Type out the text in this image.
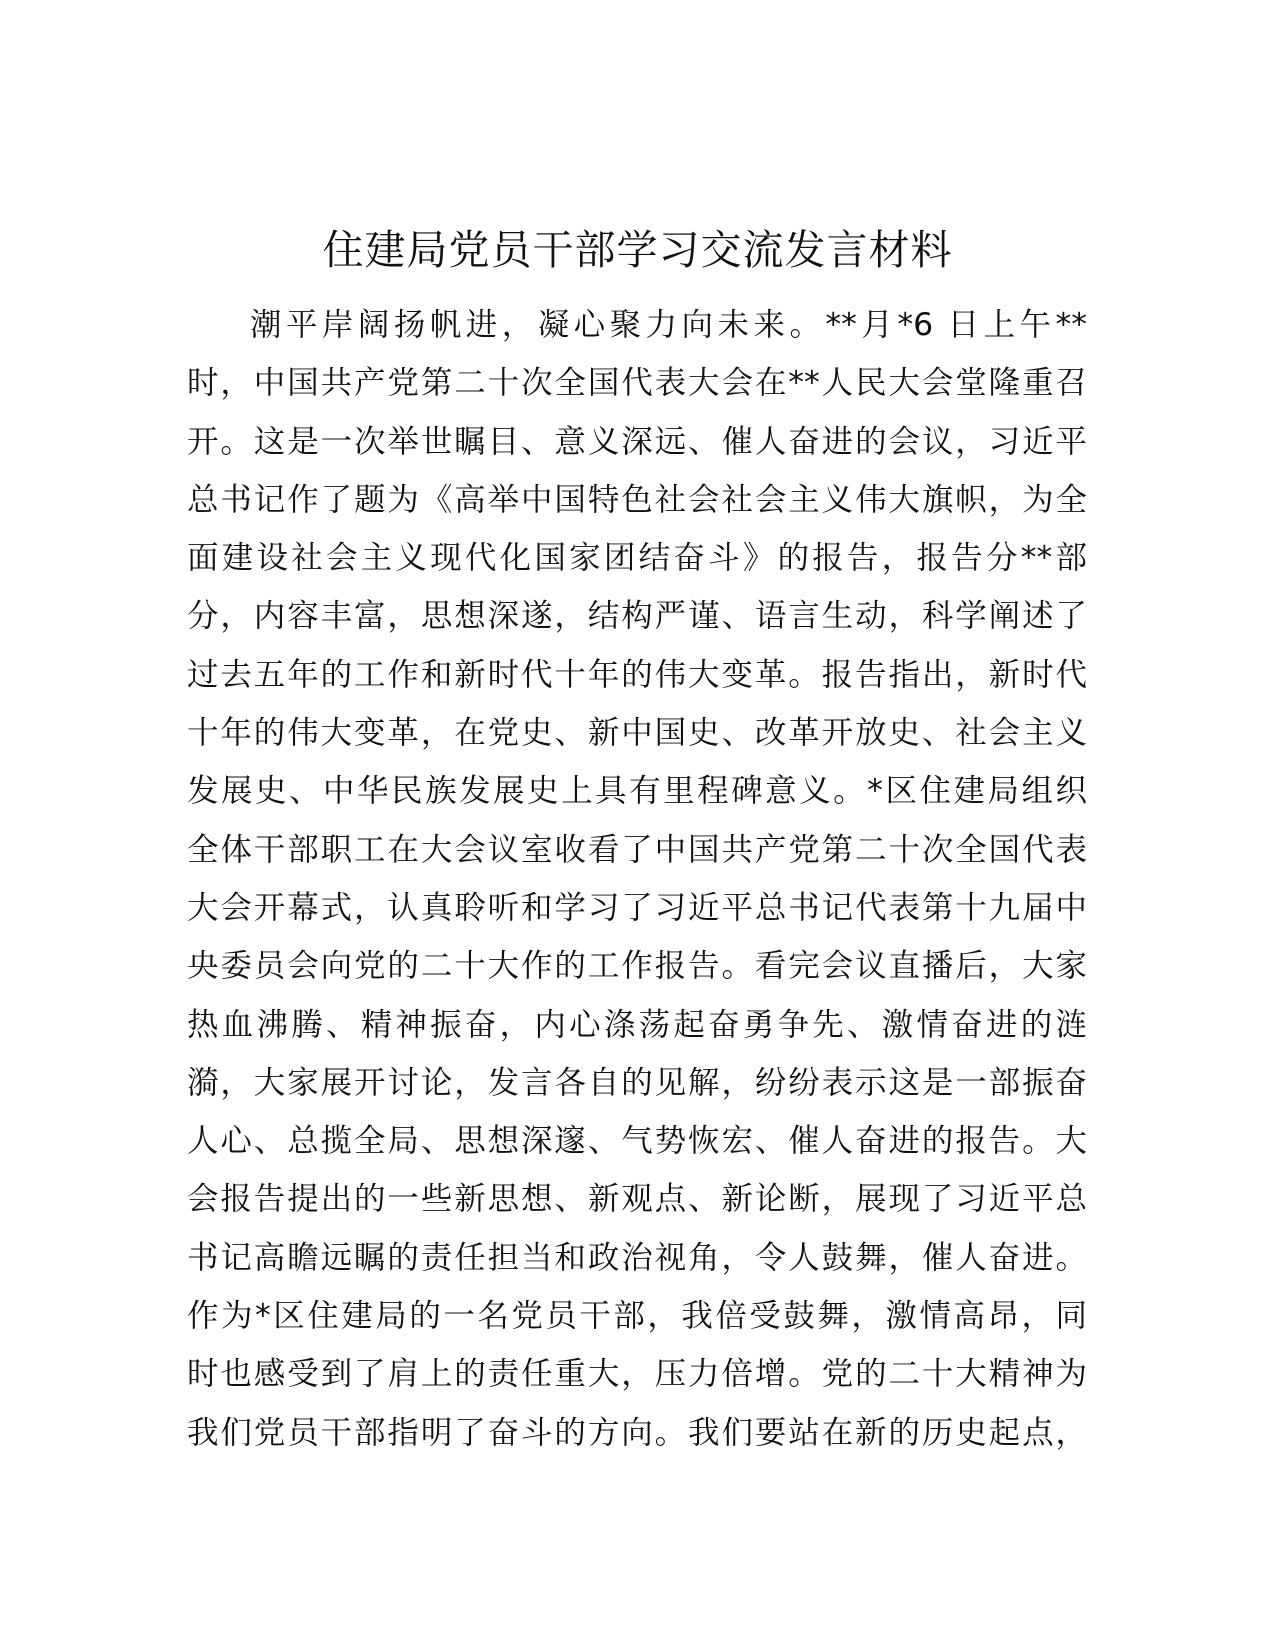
住建局党员干部学习交流发言材料
潮平岸阔扬帆进，凝心聚力向未来。**月*6 日上午**
时，中国共产党第二十次全国代表大会在**人民大会堂隆重召
开。这是一次举世瞩目、意义深远、催人奋进的会议，习近平
总书记作了题为《高举中国特色社会社会主义伟大旗帜，为全
面建设社会主义现代化国家团结奋斗》的报告，报告分**部
分，内容丰富，思想深遂，结构严谨、语言生动，科学阐述了
过去五年的工作和新时代十年的伟大变革。报告指出，新时代
十年的伟大变革，在党史、新中国史、改革开放史、社会主义
发展史、中华民族发展史上具有里程碑意义。*区住建局组织
全体干部职工在大会议室收看了中国共产党第二十次全国代表
大会开幕式，认真聆听和学习了习近平总书记代表第十九届中
央委员会向党的二十大作的工作报告。看完会议直播后，大家
热血沸腾、精神振奋，内心涤荡起奋勇争先、激情奋进的涟
漪，大家展开讨论，发言各自的见解，纷纷表示这是一部振奋
人心、总揽全局、思想深邃、气势恢宏、催人奋进的报告。大
会报告提出的一些新思想、新观点、新论断，展现了习近平总
书记高瞻远瞩的责任担当和政治视角，令人鼓舞，催人奋进。
作为*区住建局的一名党员干部，我倍受鼓舞，激情高昂，同
时也感受到了肩上的责任重大，压力倍增。党的二十大精神为
我们党员干部指明了奋斗的方向。我们要站在新的历史起点，
